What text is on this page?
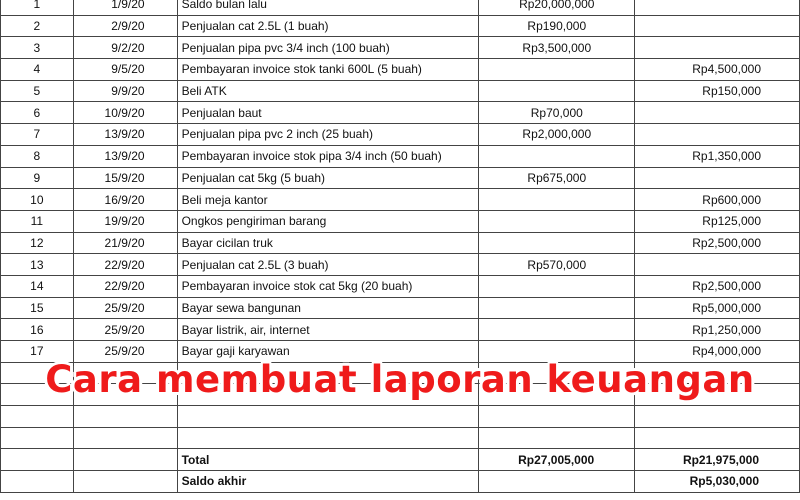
1	1/9/20	Saldo bulan lalu	Rp20,000,000	
2	2/9/20	Penjualan cat 2.5L (1 buah)	Rp190,000	
3	9/2/20	Penjualan pipa pvc 3/4 inch (100 buah)	Rp3,500,000	
4	9/5/20	Pembayaran invoice stok tanki 600L (5 buah)		Rp4,500,000
5	9/9/20	Beli ATK		Rp150,000
6	10/9/20	Penjualan baut	Rp70,000	
7	13/9/20	Penjualan pipa pvc 2 inch (25 buah)	Rp2,000,000	
8	13/9/20	Pembayaran invoice stok pipa 3/4 inch (50 buah)		Rp1,350,000
9	15/9/20	Penjualan cat 5kg (5 buah)	Rp675,000	
10	16/9/20	Beli meja kantor		Rp600,000
11	19/9/20	Ongkos pengiriman barang		Rp125,000
12	21/9/20	Bayar cicilan truk		Rp2,500,000
13	22/9/20	Penjualan cat 2.5L (3 buah)	Rp570,000	
14	22/9/20	Pembayaran invoice stok cat 5kg (20 buah)		Rp2,500,000
15	25/9/20	Bayar sewa bangunan		Rp5,000,000
16	25/9/20	Bayar listrik, air, internet		Rp1,250,000
17	25/9/20	Bayar gaji karyawan		Rp4,000,000

		Total	Rp27,005,000	Rp21,975,000
		Saldo akhir		Rp5,030,000
Cara membuat laporan keuangan
